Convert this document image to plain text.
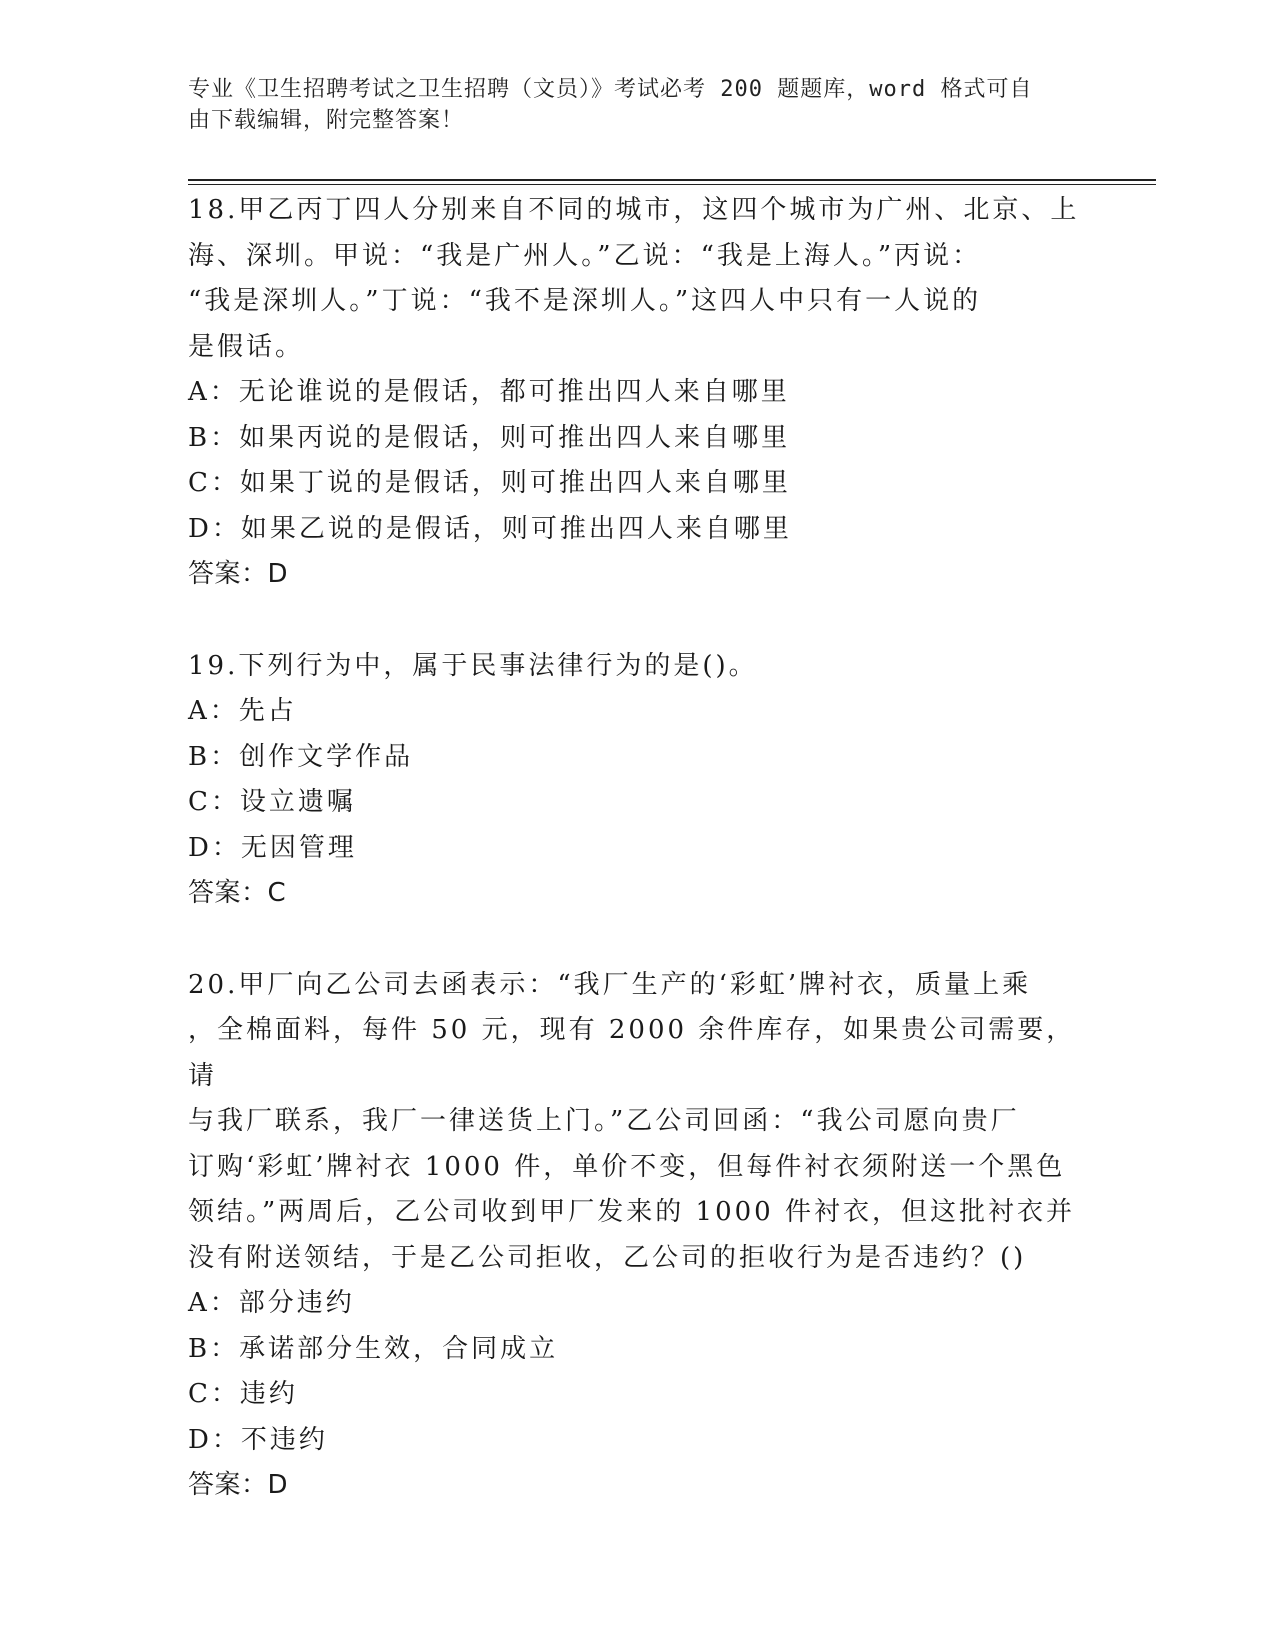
专业《卫生招聘考试之卫生招聘（文员）》考试必考 200 题题库，word 格式可自
由下载编辑，附完整答案！

18.甲乙丙丁四人分别来自不同的城市，这四个城市为广州、北京、上

海、深圳。甲说：“我是广州人。”乙说：“我是上海人。”丙说：

“我是深圳人。”丁说：“我不是深圳人。”这四人中只有一人说的

是假话。

A：无论谁说的是假话，都可推出四人来自哪里

B：如果丙说的是假话，则可推出四人来自哪里

C：如果丁说的是假话，则可推出四人来自哪里

D：如果乙说的是假话，则可推出四人来自哪里

答案：D

19.下列行为中，属于民事法律行为的是()。

A：先占

B：创作文学作品

C：设立遗嘱

D：无因管理

答案：C

20.甲厂向乙公司去函表示：“我厂生产的‘彩虹’牌衬衣，质量上乘

，全棉面料，每件 50 元，现有 2000 余件库存，如果贵公司需要，请

与我厂联系，我厂一律送货上门。”乙公司回函：“我公司愿向贵厂

订购‘彩虹’牌衬衣 1000 件，单价不变，但每件衬衣须附送一个黑色

领结。”两周后，乙公司收到甲厂发来的 1000 件衬衣，但这批衬衣并

没有附送领结，于是乙公司拒收，乙公司的拒收行为是否违约？()

A：部分违约

B：承诺部分生效，合同成立

C：违约

D：不违约

答案：D
